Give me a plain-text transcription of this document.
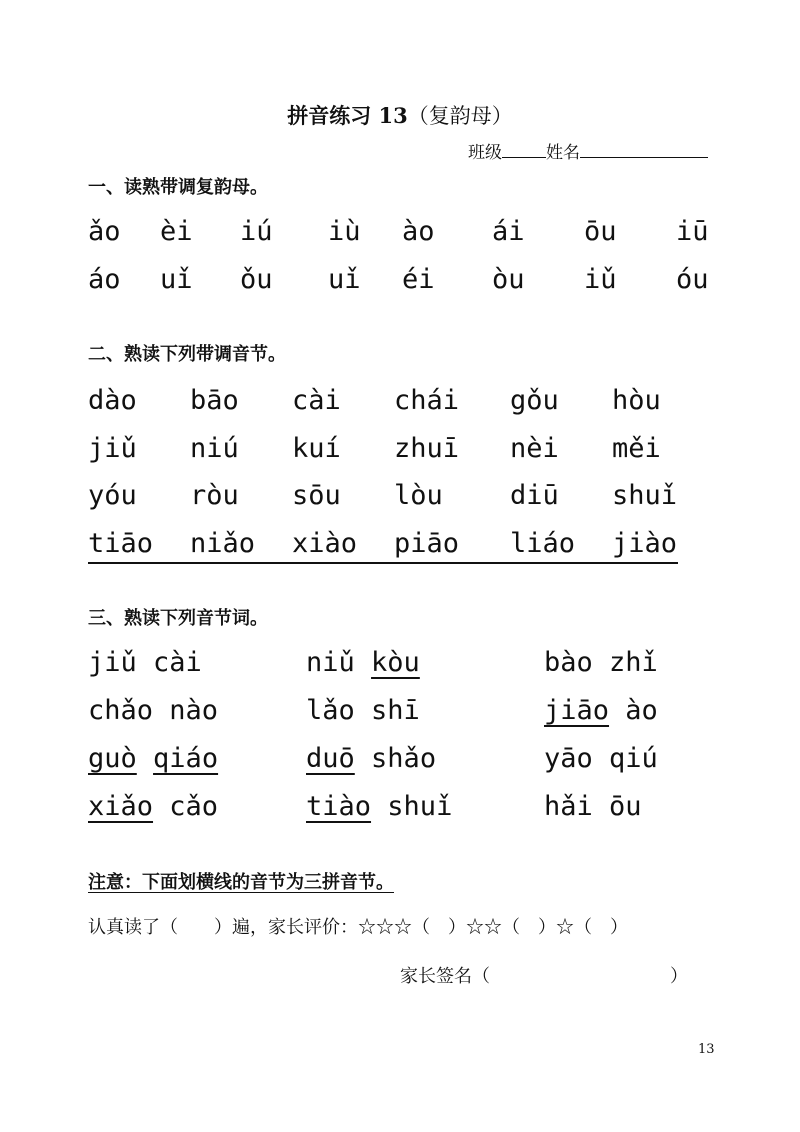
拼音练习 13（复韵母）
班级	姓名
一、读熟带调复韵母。
ǎo èi iú iù ào ái ōu iū
áo uǐ ǒu uǐ éi òu iǔ óu
二、熟读下列带调音节。
dào bāo cài chái gǒu hòu
jiǔ niú kuí zhuī nèi měi
yóu ròu sōu lòu diū shuǐ
tiāo niǎo xiào piāo liáo jiào
三、熟读下列音节词。
jiǔ cài	niǔ kòu	bào zhǐ
chǎo nào	lǎo shī	jiāo ào
guò qiáo	duō shǎo	yāo qiú
xiǎo cǎo	tiào shuǐ	hǎi ōu
注意：下面划横线的音节为三拼音节。
认真读了（　　）遍，家长评价：☆☆☆（　）☆☆（　）☆（　）
家长签名（　　　　　　　　　　）
13
